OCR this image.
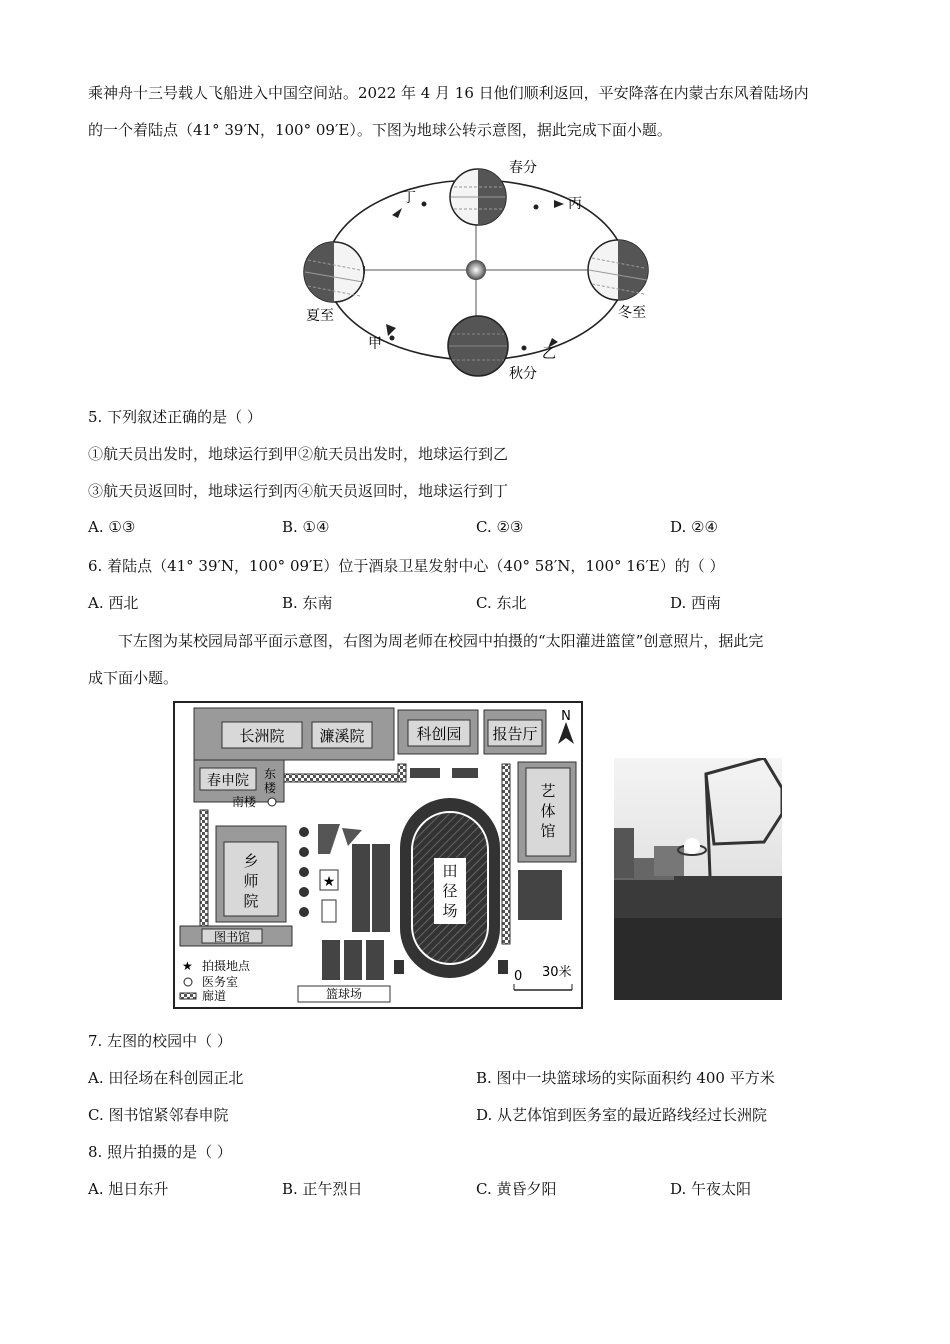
乘神舟十三号载人飞船进入中国空间站。2022 年 4 月 16 日他们顺利返回，平安降落在内蒙古东风着陆场内
的一个着陆点（41° 39′N，100° 09′E）。下图为地球公转示意图，据此完成下面小题。
春分
夏至
秋分
冬至
甲
乙
丙
丁
5. 下列叙述正确的是（ ）
①航天员出发时，地球运行到甲②航天员出发时，地球运行到乙
③航天员返回时，地球运行到丙④航天员返回时，地球运行到丁
A. ①③	B. ①④	C. ②③	D. ②④
6. 着陆点（41° 39′N，100° 09′E）位于酒泉卫星发射中心（40° 58′N，100° 16′E）的（ ）
A. 西北	B. 东南	C. 东北	D. 西南
下左图为某校园局部平面示意图，右图为周老师在校园中拍摄的“太阳灌进篮筐”创意照片，据此完
成下面小题。
长洲院 濂溪院	科创园 报告厅
N
春申院 东
楼
南楼
艺
体
馆
乡
师
院
图书馆
★
篮球场
田
径
场
0 30米
★ 拍摄地点
医务室
廊道
7. 左图的校园中（ ）
A. 田径场在科创园正北	B. 图中一块篮球场的实际面积约 400 平方米
C. 图书馆紧邻春申院	D. 从艺体馆到医务室的最近路线经过长洲院
8. 照片拍摄的是（ ）
A. 旭日东升	B. 正午烈日	C. 黄昏夕阳	D. 午夜太阳
